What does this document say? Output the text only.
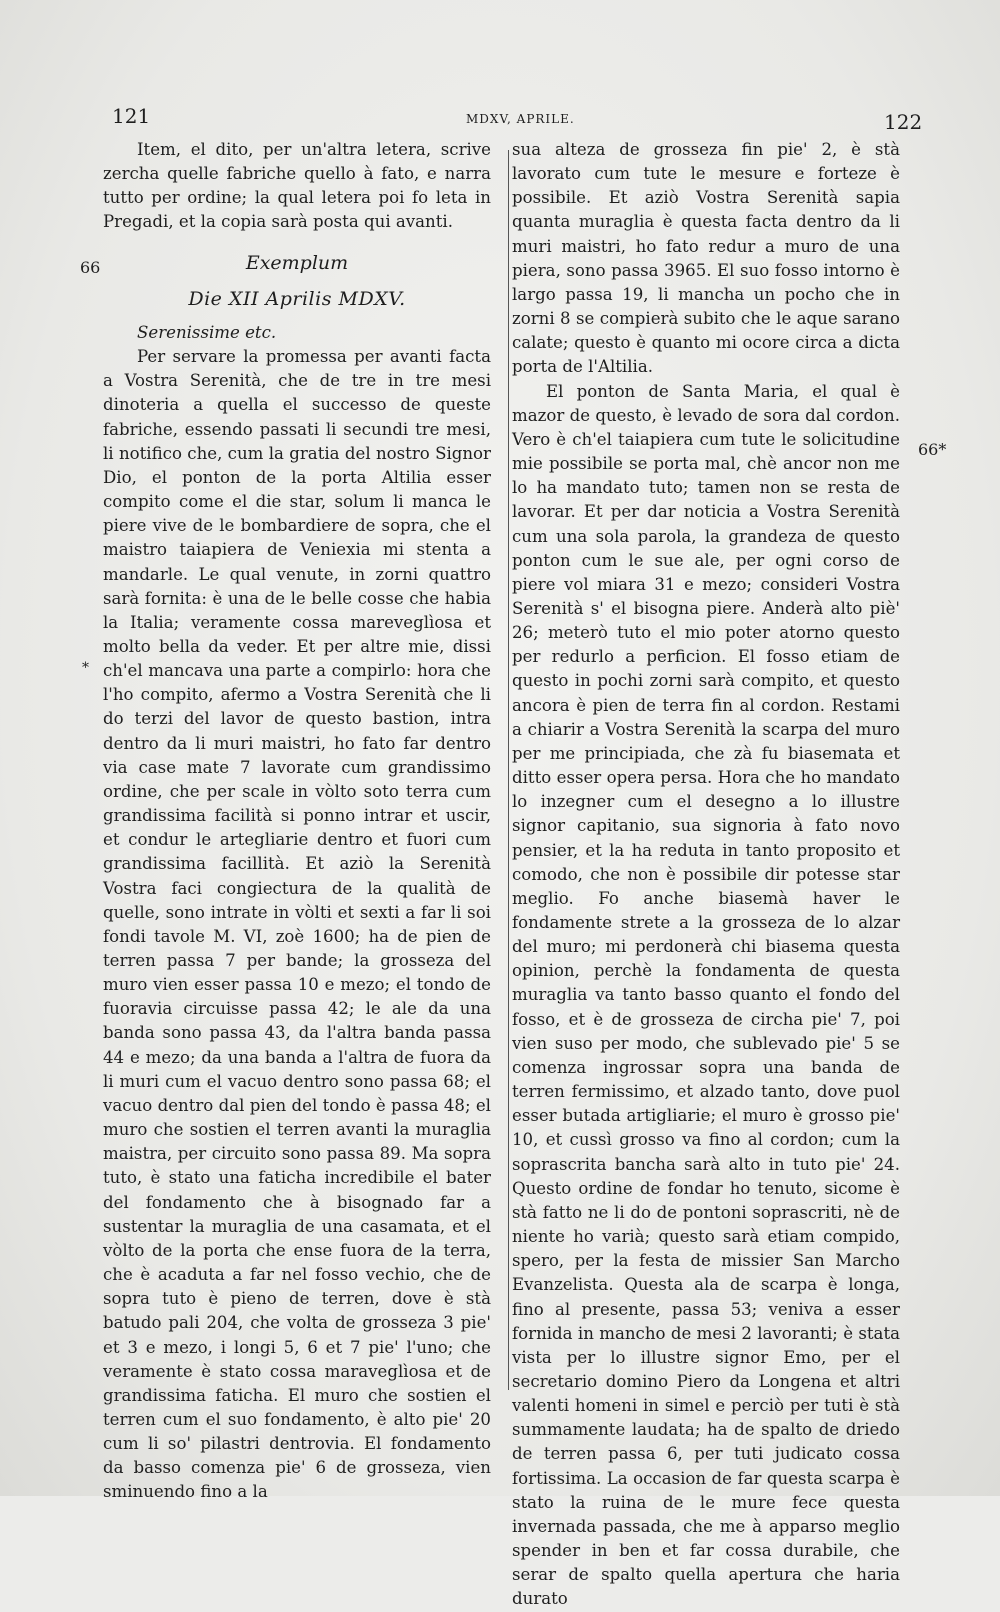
121	MDXV, APRILE.	122
66
66*
*

Item, el dito, per un'altra letera, scrive zercha quelle fabriche quello à fato, e narra tutto per ordine; la qual letera poi fo leta in Pregadi, et la copia sarà posta qui avanti.

Exemplum

Die XII Aprilis MDXV.

Serenissime etc.

Per servare la promessa per avanti facta a Vostra Serenità, che de tre in tre mesi dinoteria a quella el successo de queste fabriche, essendo passati li secundi tre mesi, li notifico che, cum la gratia del nostro Signor Dio, el ponton de la porta Altilia esser compito come el die star, solum li manca le piere vive de le bombardiere de sopra, che el maistro taiapiera de Veniexia mi stenta a mandarle. Le qual venute, in zorni quattro sarà fornita: è una de le belle cosse che habia la Italia; veramente cossa mareveglìosa et molto bella da veder. Et per altre mie, dissi ch'el mancava una parte a compirlo: hora che l'ho compito, afermo a Vostra Serenità che li do terzi del lavor de questo bastion, intra dentro da li muri maistri, ho fato far dentro via case mate 7 lavorate cum grandissimo ordine, che per scale in vòlto soto terra cum grandissima facilità si ponno intrar et uscir, et condur le artegliarie dentro et fuori cum grandissima facillità. Et aziò la Serenità Vostra faci congiectura de la qualità de quelle, sono intrate in vòlti et sexti a far li soi fondi tavole M. VI, zoè 1600; ha de pien de terren passa 7 per bande; la grosseza del muro vien esser passa 10 e mezo; el tondo de fuoravia circuisse passa 42; le ale da una banda sono passa 43, da l'altra banda passa 44 e mezo; da una banda a l'altra de fuora da li muri cum el vacuo dentro sono passa 68; el vacuo dentro dal pien del tondo è passa 48; el muro che sostien el terren avanti la muraglia maistra, per circuito sono passa 89. Ma sopra tuto, è stato una faticha incredibile el bater del fondamento che à bisognado far a sustentar la muraglia de una casamata, et el vòlto de la porta che ense fuora de la terra, che è acaduta a far nel fosso vechio, che de sopra tuto è pieno de terren, dove è stà batudo pali 204, che volta de grosseza 3 pie' et 3 e mezo, i longi 5, 6 et 7 pie' l'uno; che veramente è stato cossa maraveglìosa et de grandissima faticha. El muro che sostien el terren cum el suo fondamento, è alto pie' 20 cum li so' pilastri dentrovia. El fondamento da basso comenza pie' 6 de grosseza, vien sminuendo fino a la

sua alteza de grosseza fin pie' 2, è stà lavorato cum tute le mesure e forteze è possibile. Et aziò Vostra Serenità sapia quanta muraglia è questa facta dentro da li muri maistri, ho fato redur a muro de una piera, sono passa 3965. El suo fosso intorno è largo passa 19, li mancha un pocho che in zorni 8 se compierà subito che le aque sarano calate; questo è quanto mi ocore circa a dicta porta de l'Altilia.

El ponton de Santa Maria, el qual è mazor de questo, è levado de sora dal cordon. Vero è ch'el taiapiera cum tute le solicitudine mie possibile se porta mal, chè ancor non me lo ha mandato tuto; tamen non se resta de lavorar. Et per dar noticia a Vostra Serenità cum una sola parola, la grandeza de questo ponton cum le sue ale, per ogni corso de piere vol miara 31 e mezo; consideri Vostra Serenità s' el bisogna piere. Anderà alto piè' 26; meterò tuto el mio poter atorno questo per redurlo a perficion. El fosso etiam de questo in pochi zorni sarà compito, et questo ancora è pien de terra fin al cordon. Restami a chiarir a Vostra Serenità la scarpa del muro per me principiada, che zà fu biasemata et ditto esser opera persa. Hora che ho mandato lo inzegner cum el desegno a lo illustre signor capitanio, sua signoria à fato novo pensier, et la ha reduta in tanto proposito et comodo, che non è possibile dir potesse star meglio. Fo anche biasemà haver le fondamente strete a la grosseza de lo alzar del muro; mi perdonerà chi biasema questa opinion, perchè la fondamenta de questa muraglia va tanto basso quanto el fondo del fosso, et è de grosseza de circha pie' 7, poi vien suso per modo, che sublevado pie' 5 se comenza ingrossar sopra una banda de terren fermissimo, et alzado tanto, dove puol esser butada artigliarie; el muro è grosso pie' 10, et cussì grosso va fino al cordon; cum la soprascrita bancha sarà alto in tuto pie' 24. Questo ordine de fondar ho tenuto, sicome è stà fatto ne li do de pontoni soprascriti, nè de niente ho varià; questo sarà etiam compido, spero, per la festa de missier San Marcho Evanzelista. Questa ala de scarpa è longa, fino al presente, passa 53; veniva a esser fornida in mancho de mesi 2 lavoranti; è stata vista per lo illustre signor Emo, per el secretario domino Piero da Longena et altri valenti homeni in simel e perciò per tuti è stà summamente laudata; ha de spalto de driedo de terren passa 6, per tuti judicato cossa fortissima. La occasion de far questa scarpa è stato la ruina de le mure fece questa invernada passada, che me à apparso meglio spender in ben et far cossa durabile, che serar de spalto quella apertura che haria durato
